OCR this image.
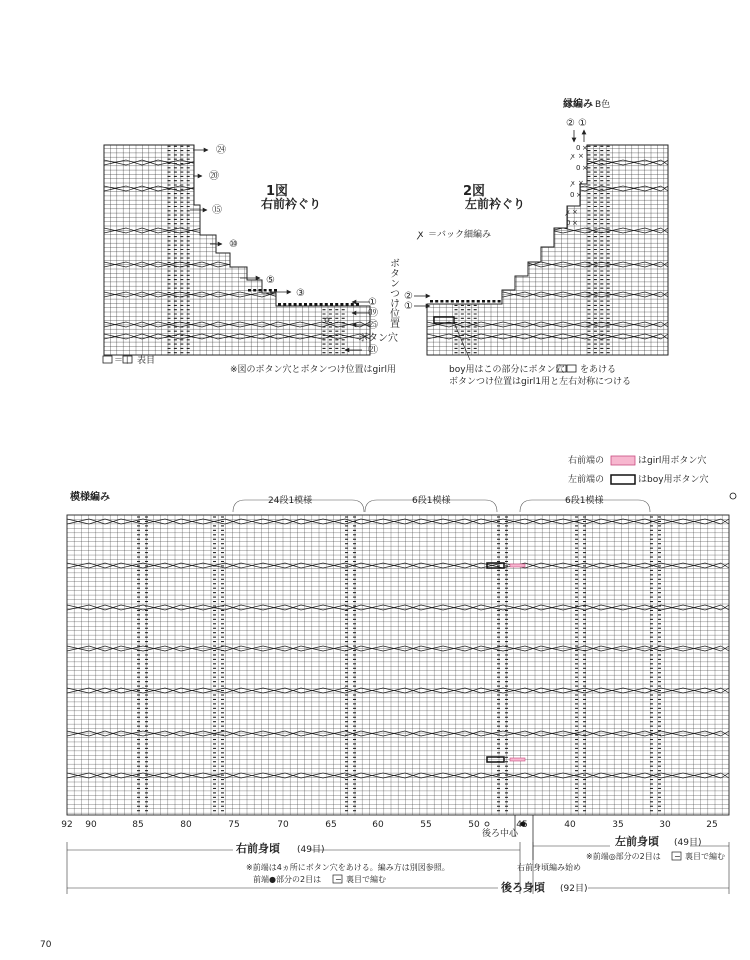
1図
右前衿ぐり
㉔
⑳
⑮
⑩
⑤
③
①
⑲
㉕
㉑
ボタン穴
ボタンつけ位置
＝ | 表目
※図のボタン穴とボタンつけ位置はgirl用
0 ×
ꭗ ×
0 ×
ꭗ ×
0 ×
ꭗ ×
0 ×
2図
左前衿ぐり
ꭗ ＝バック細編み
縁編み B色
② ①
②
①
boy用はこの部分にボタン穴 をあける
ボタンつけ位置はgirl1用と左右対称につける
92 90	85	80	75	70	65	60	55	50	45	40	35	30	25
模様編み
右前端の	はgirl用ボタン穴
左前端の	はboy用ボタン穴
24段1模様	6段1模様	6段1模様
後ろ中心
右前身頃編み始め
右前身頃 (49目)
左前身頃 (49目)
後ろ身頃 (92目)
※前端は4ヵ所にボタン穴をあける。編み方は別図参照。
前端●部分の2目は − 裏目で編む
※前端◎部分の2目は − 裏目で編む
70
